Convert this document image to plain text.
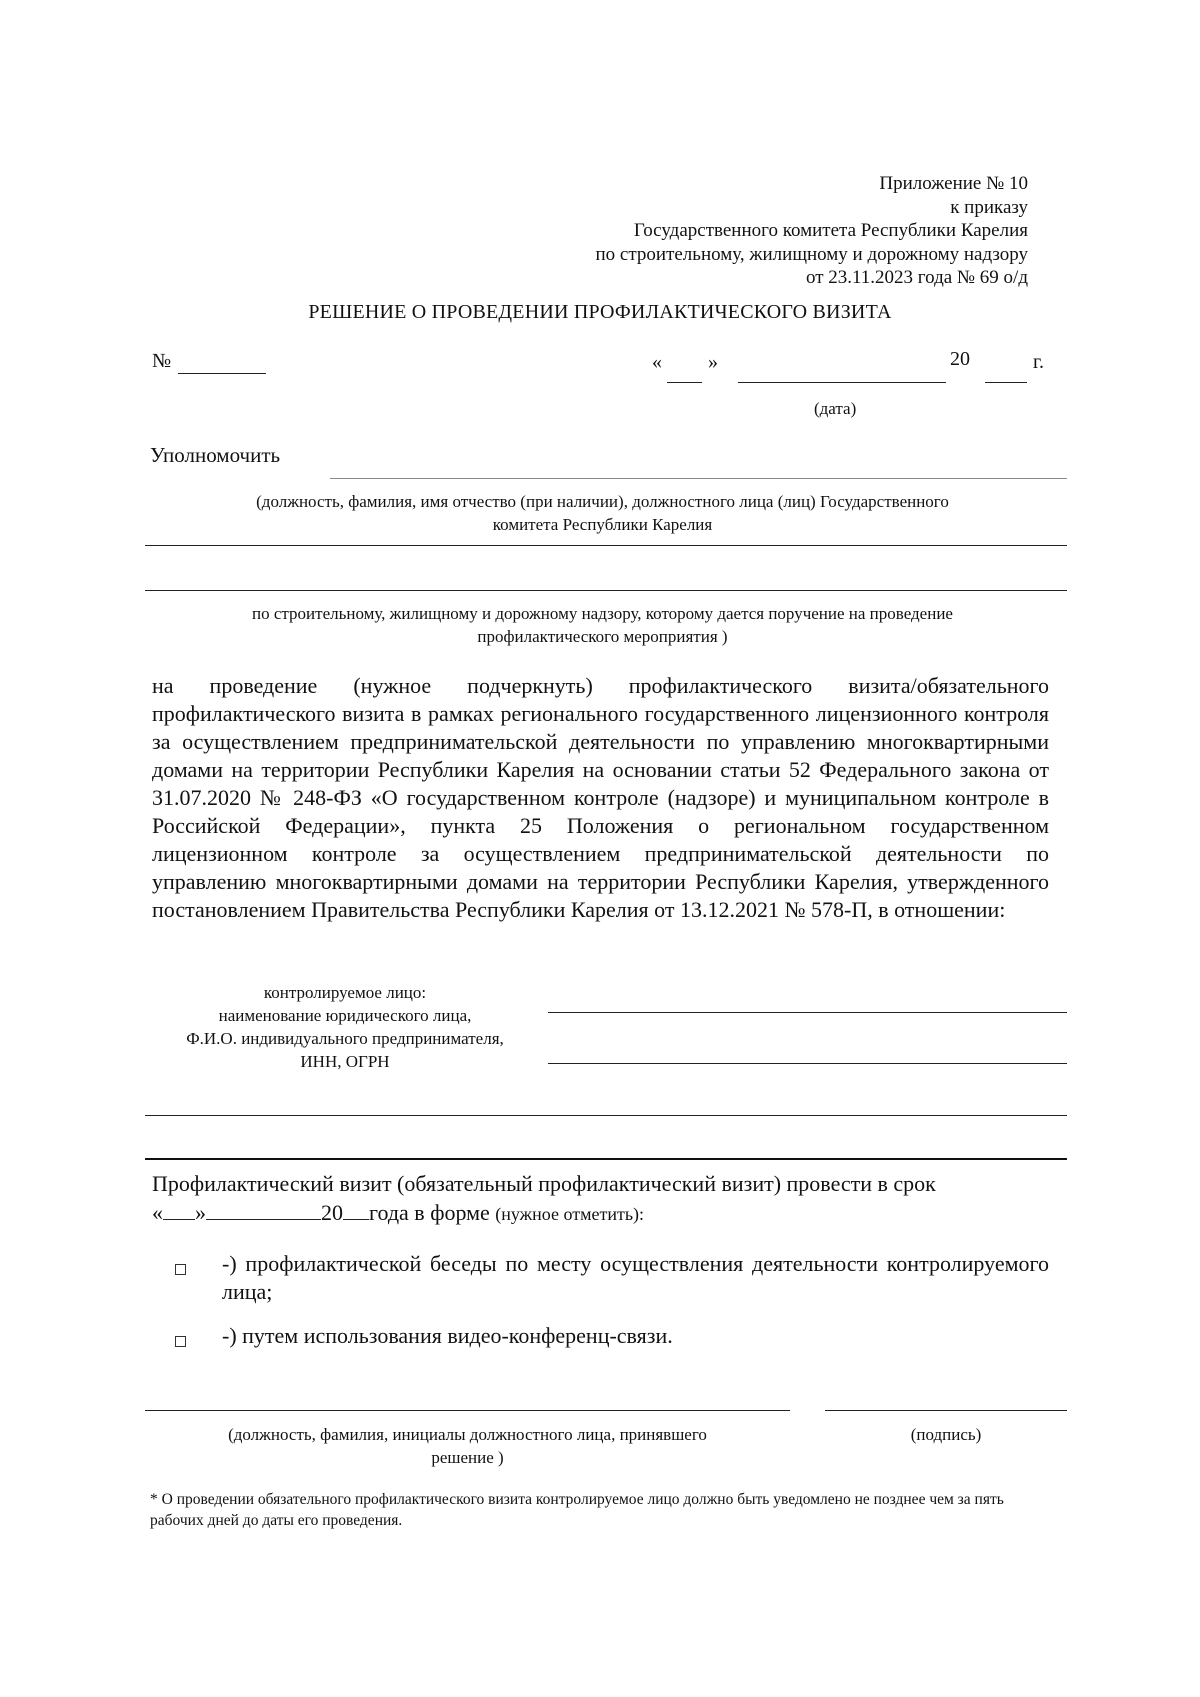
Приложение № 10
к приказу
Государственного комитета Республики Карелия
по строительному, жилищному и дорожному надзору
от 23.11.2023 года № 69 о/д
РЕШЕНИЕ О ПРОВЕДЕНИИ ПРОФИЛАКТИЧЕСКОГО ВИЗИТА
№	« »	20	г.
(дата)
Уполномочить
(должность, фамилия, имя отчество (при наличии), должностного лица (лиц) Государственного
комитета Республики Карелия
по строительному, жилищному и дорожному надзору, которому дается поручение на проведение
профилактического мероприятия )
на проведение (нужное подчеркнуть) профилактического визита/обязательного профилактического визита в рамках регионального государственного лицензионного контроля за осуществлением предпринимательской деятельности по управлению многоквартирными домами на территории Республики Карелия на основании статьи 52 Федерального закона от 31.07.2020 № 248-ФЗ «О государственном контроле (надзоре) и муниципальном контроле в Российской Федерации», пункта 25 Положения о региональном государственном лицензионном контроле за осуществлением предпринимательской деятельности по управлению многоквартирными домами на территории Республики Карелия, утвержденного постановлением Правительства Республики Карелия от 13.12.2021 № 578-П, в отношении:
контролируемое лицо:
наименование юридического лица,
Ф.И.О. индивидуального предпринимателя,
ИНН, ОГРН
Профилактический визит (обязательный профилактический визит) провести в срок
« »	20 года в форме (нужное отметить):
-) профилактической беседы по месту осуществления деятельности контролируемого лица;
-) путем использования видео-конференц-связи.
(должность, фамилия, инициалы должностного лица, принявшего
решение )
(подпись)
* О проведении обязательного профилактического визита контролируемое лицо должно быть уведомлено не позднее чем за пять рабочих дней до даты его проведения.
